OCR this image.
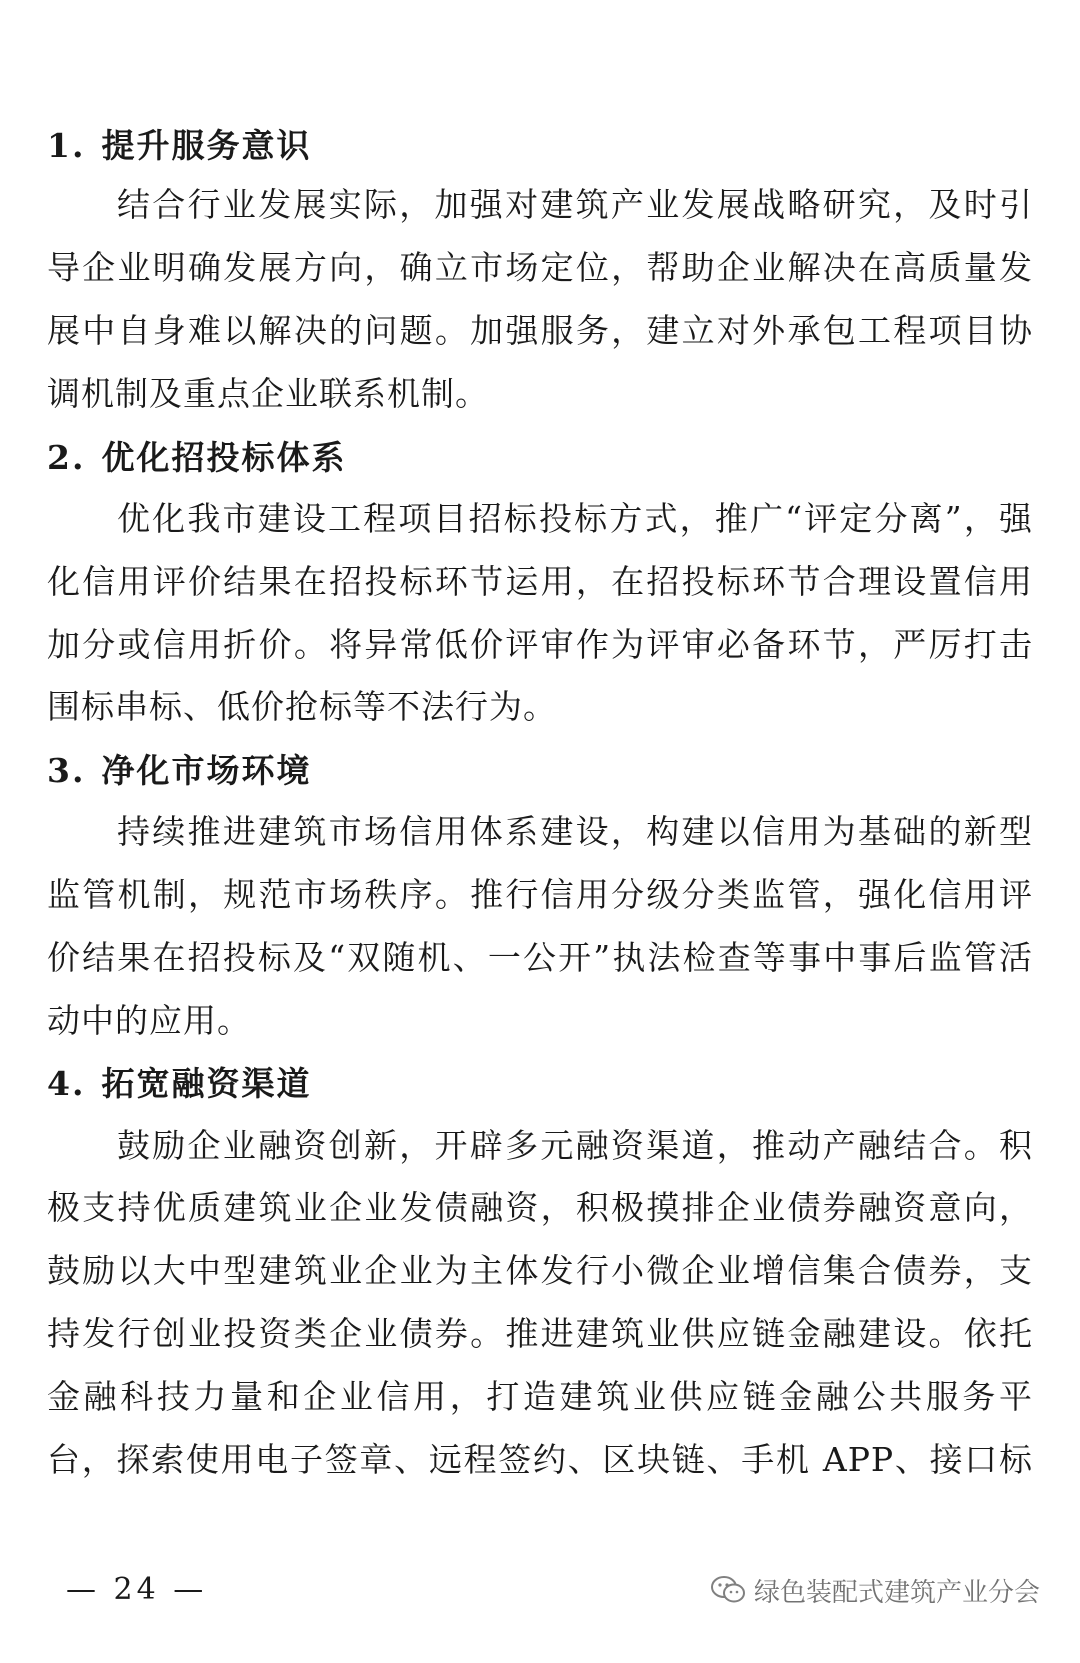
1. 提升服务意识
结合行业发展实际，加强对建筑产业发展战略研究，及时引
导企业明确发展方向，确立市场定位，帮助企业解决在高质量发
展中自身难以解决的问题。加强服务，建立对外承包工程项目协
调机制及重点企业联系机制。
2. 优化招投标体系
优化我市建设工程项目招标投标方式，推广“评定分离”，强
化信用评价结果在招投标环节运用，在招投标环节合理设置信用
加分或信用折价。将异常低价评审作为评审必备环节，严厉打击
围标串标、低价抢标等不法行为。
3. 净化市场环境
持续推进建筑市场信用体系建设，构建以信用为基础的新型
监管机制，规范市场秩序。推行信用分级分类监管，强化信用评
价结果在招投标及“双随机、一公开”执法检查等事中事后监管活
动中的应用。
4. 拓宽融资渠道
鼓励企业融资创新，开辟多元融资渠道，推动产融结合。积
极支持优质建筑业企业发债融资，积极摸排企业债券融资意向，
鼓励以大中型建筑业企业为主体发行小微企业增信集合债券，支
持发行创业投资类企业债券。推进建筑业供应链金融建设。依托
金融科技力量和企业信用，打造建筑业供应链金融公共服务平
台，探索使用电子签章、远程签约、区块链、手机 APP、接口标
— 24 —	绿色装配式建筑产业分会
